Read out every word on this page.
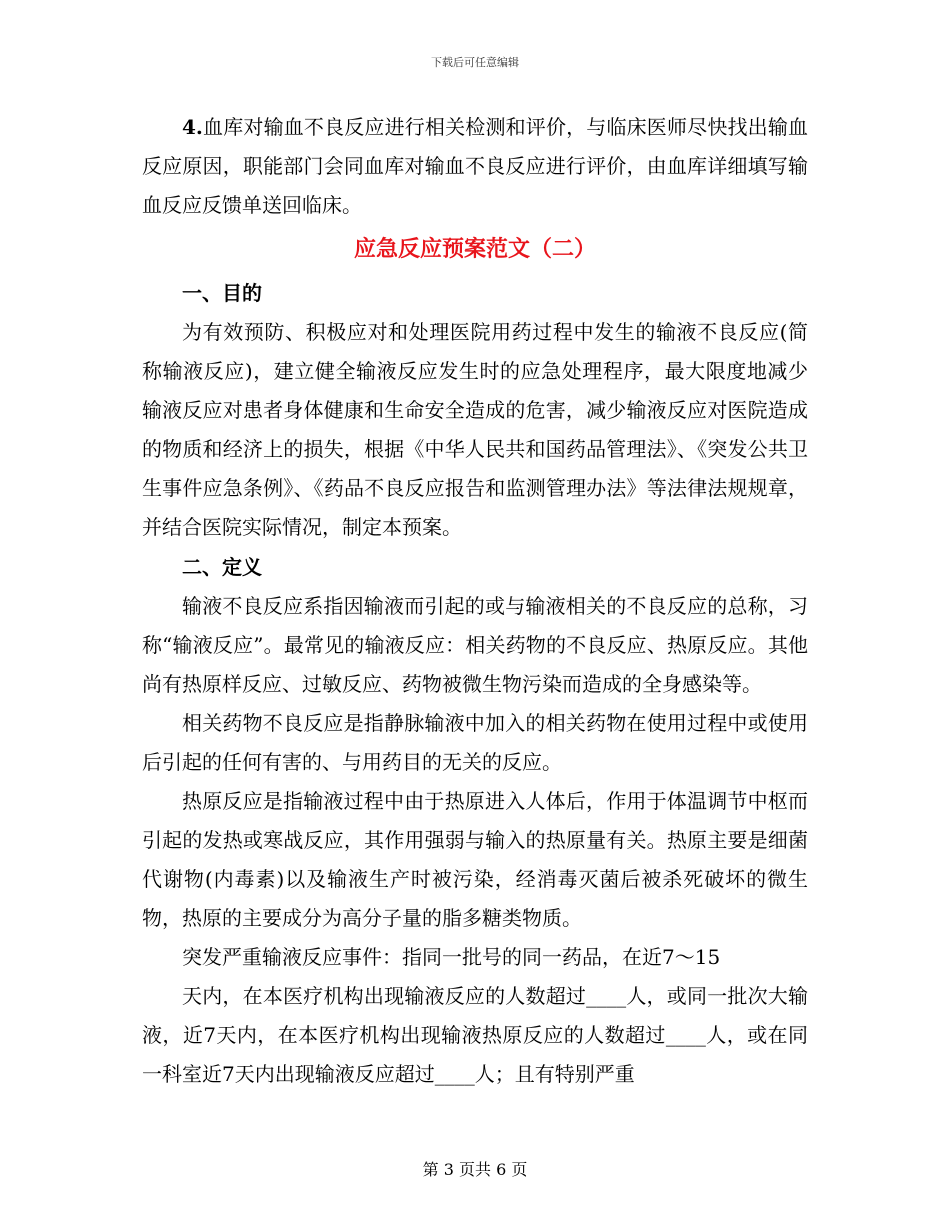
下载后可任意编辑

4.血库对输血不良反应进行相关检测和评价，与临床医师尽快找出输血反应原因，职能部门会同血库对输血不良反应进行评价，由血库详细填写输血反应反馈单送回临床。

应急反应预案范文（二）
一、目的

为有效预防、积极应对和处理医院用药过程中发生的输液不良反应(简称输液反应)，建立健全输液反应发生时的应急处理程序，最大限度地减少输液反应对患者身体健康和生命安全造成的危害，减少输液反应对医院造成的物质和经济上的损失，根据《中华人民共和国药品管理法》、《突发公共卫生事件应急条例》、《药品不良反应报告和监测管理办法》等法律法规规章，并结合医院实际情况，制定本预案。

二、定义

输液不良反应系指因输液而引起的或与输液相关的不良反应的总称，习称“输液反应”。最常见的输液反应：相关药物的不良反应、热原反应。其他尚有热原样反应、过敏反应、药物被微生物污染而造成的全身感染等。

相关药物不良反应是指静脉输液中加入的相关药物在使用过程中或使用后引起的任何有害的、与用药目的无关的反应。

热原反应是指输液过程中由于热原进入人体后，作用于体温调节中枢而引起的发热或寒战反应，其作用强弱与输入的热原量有关。热原主要是细菌代谢物(内毒素)以及输液生产时被污染，经消毒灭菌后被杀死破坏的微生物，热原的主要成分为高分子量的脂多糖类物质。

突发严重输液反应事件：指同一批号的同一药品，在近7～15

天内，在本医疗机构出现输液反应的人数超过____人，或同一批次大输液，近7天内，在本医疗机构出现输液热原反应的人数超过____人，或在同一科室近7天内出现输液反应超过____人；且有特别严重

第 3 页共 6 页
